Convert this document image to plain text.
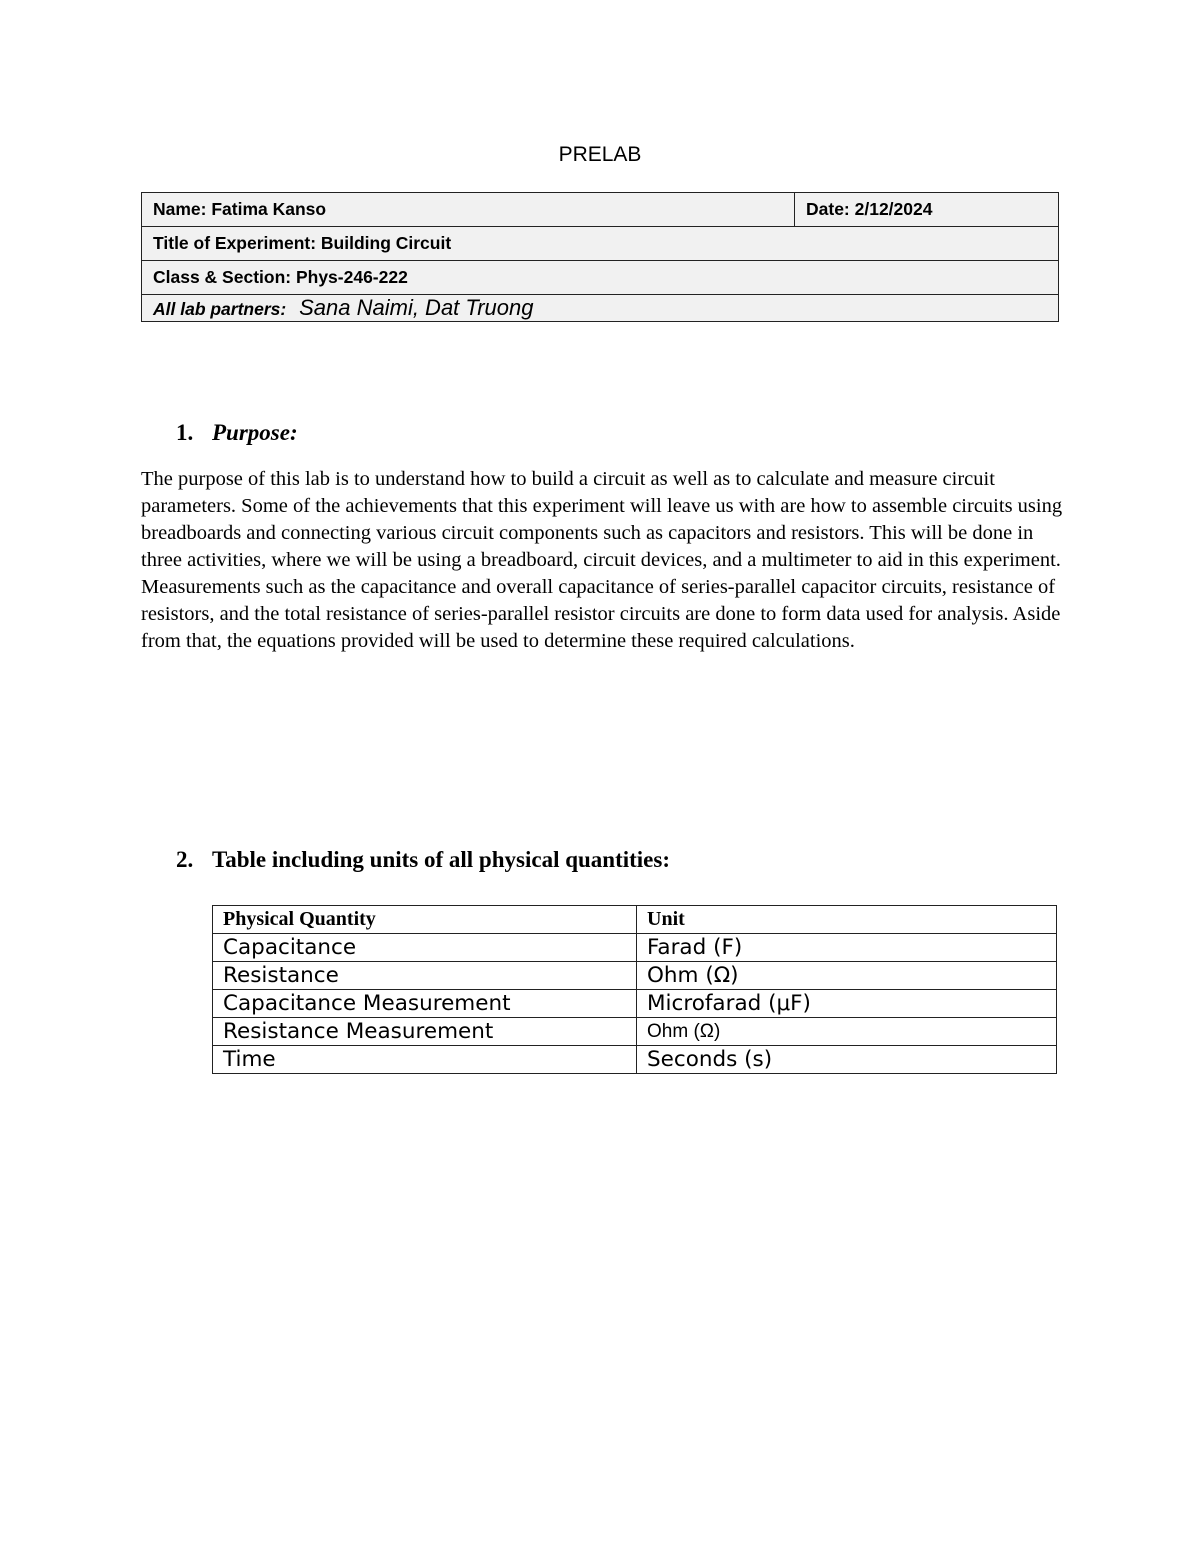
PRELAB
Name: Fatima Kanso	Date: 2/12/2024
Title of Experiment: Building Circuit
Class & Section: Phys-246-222
All lab partners: Sana Naimi, Dat Truong
1. Purpose:

The purpose of this lab is to understand how to build a circuit as well as to calculate and measure circuit parameters. Some of the achievements that this experiment will leave us with are how to assemble circuits using breadboards and connecting various circuit components such as capacitors and resistors. This will be done in three activities, where we will be using a breadboard, circuit devices, and a multimeter to aid in this experiment. Measurements such as the capacitance and overall capacitance of series-parallel capacitor circuits, resistance of resistors, and the total resistance of series-parallel resistor circuits are done to form data used for analysis. Aside from that, the equations provided will be used to determine these required calculations.

2. Table including units of all physical quantities:
Physical Quantity	Unit
Capacitance	Farad (F)
Resistance	Ohm (Ω)
Capacitance Measurement	Microfarad (μF)
Resistance Measurement	Ohm (Ω)
Time	Seconds (s)
